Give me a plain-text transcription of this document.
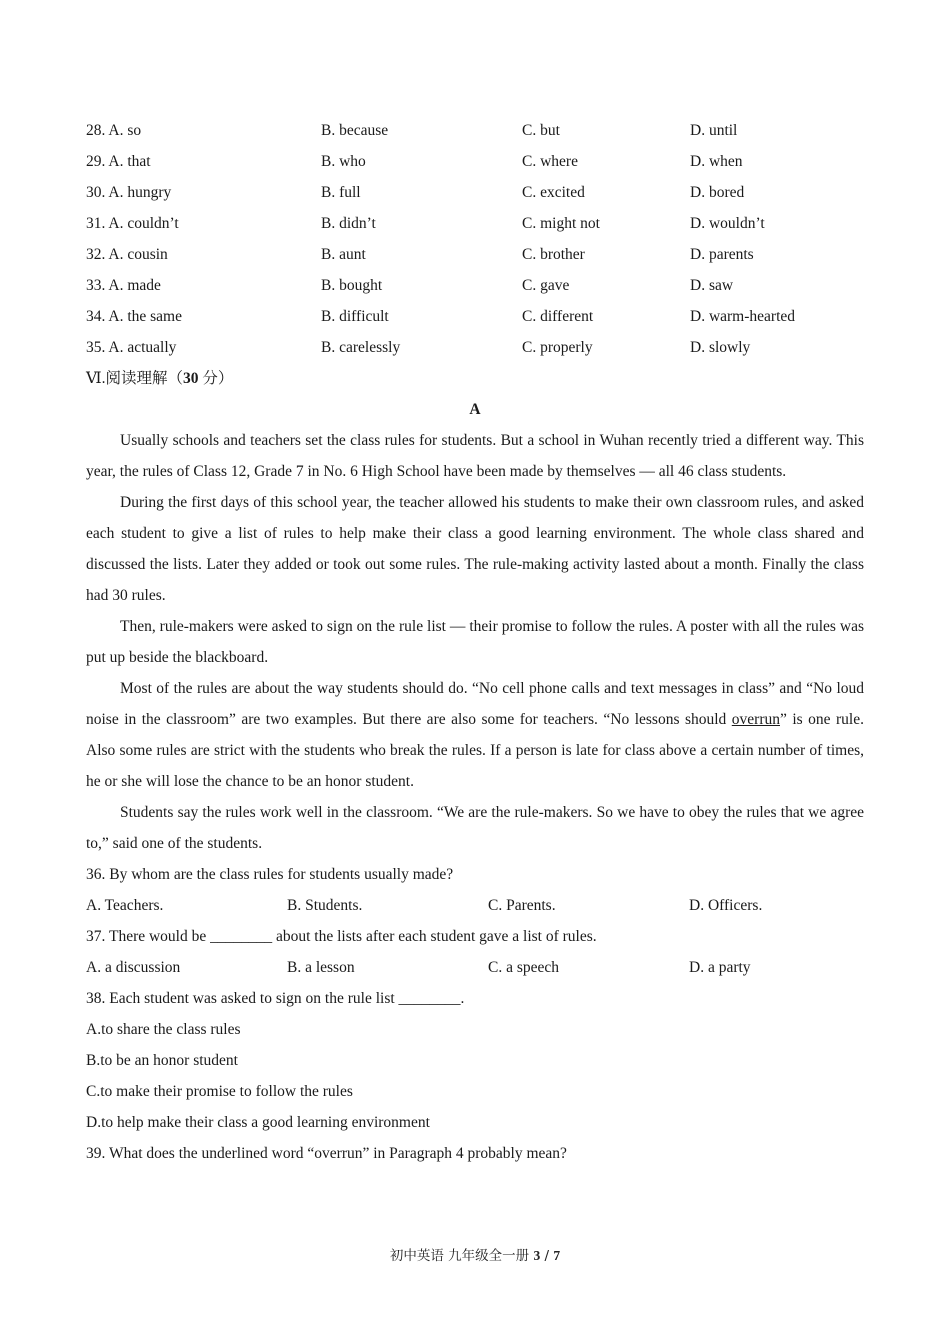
28. A. so	B. because	C. but	D. until
29. A. that	B. who	C. where	D. when
30. A. hungry	B. full	C. excited	D. bored
31. A. couldn’t	B. didn’t	C. might not	D. wouldn’t
32. A. cousin	B. aunt	C. brother	D. parents
33. A. made	B. bought	C. gave	D. saw
34. A. the same	B. difficult	C. different	D. warm-hearted
35. A. actually	B. carelessly	C. properly	D. slowly
Ⅵ.阅读理解（30 分）
A

Usually schools and teachers set the class rules for students. But a school in Wuhan recently tried a different way. This year, the rules of Class 12, Grade 7 in No. 6 High School have been made by themselves — all 46 class students.

During the first days of this school year, the teacher allowed his students to make their own classroom rules, and asked each student to give a list of rules to help make their class a good learning environment. The whole class shared and discussed the lists. Later they added or took out some rules. The rule-making activity lasted about a month. Finally the class had 30 rules.

Then, rule-makers were asked to sign on the rule list — their promise to follow the rules. A poster with all the rules was put up beside the blackboard.

Most of the rules are about the way students should do. “No cell phone calls and text messages in class” and “No loud noise in the classroom” are two examples. But there are also some for teachers. “No lessons should overrun” is one rule. Also some rules are strict with the students who break the rules. If a person is late for class above a certain number of times, he or she will lose the chance to be an honor student.

Students say the rules work well in the classroom. “We are the rule-makers. So we have to obey the rules that we agree to,” said one of the students.

36. By whom are the class rules for students usually made?

A. Teachers.	B. Students.	C. Parents.	D. Officers.

37. There would be ________ about the lists after each student gave a list of rules.

A. a discussion	B. a lesson	C. a speech	D. a party

38. Each student was asked to sign on the rule list ________.

A.to share the class rules

B.to be an honor student

C.to make their promise to follow the rules

D.to help make their class a good learning environment

39. What does the underlined word “overrun” in Paragraph 4 probably mean?

初中英语 九年级全一册 3 / 7
